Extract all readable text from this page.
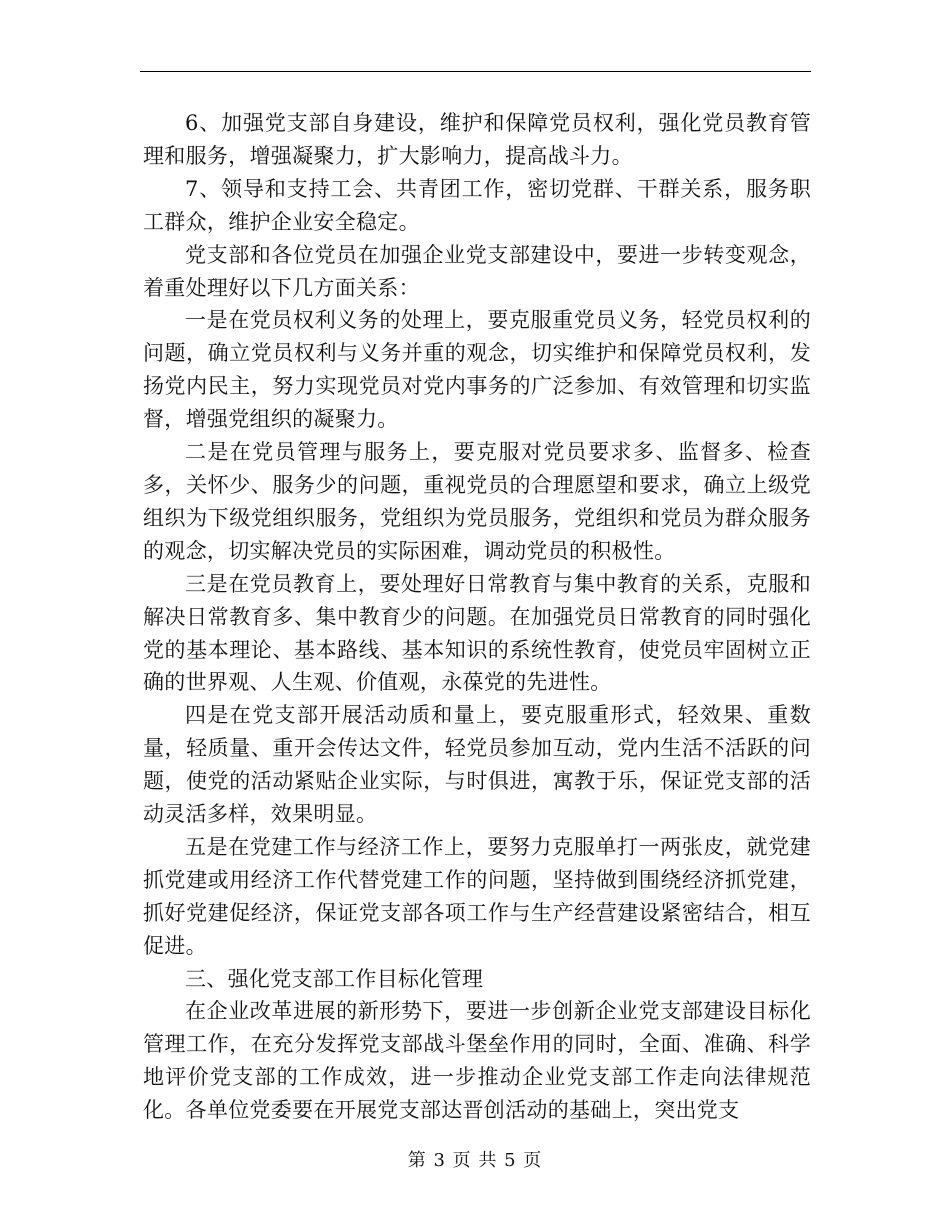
6、加强党支部自身建设，维护和保障党员权利，强化党员教育管理和服务，增强凝聚力，扩大影响力，提高战斗力。

7、领导和支持工会、共青团工作，密切党群、干群关系，服务职工群众，维护企业安全稳定。

党支部和各位党员在加强企业党支部建设中，要进一步转变观念，着重处理好以下几方面关系：

一是在党员权利义务的处理上，要克服重党员义务，轻党员权利的问题，确立党员权利与义务并重的观念，切实维护和保障党员权利，发扬党内民主，努力实现党员对党内事务的广泛参加、有效管理和切实监督，增强党组织的凝聚力。

二是在党员管理与服务上，要克服对党员要求多、监督多、检查多，关怀少、服务少的问题，重视党员的合理愿望和要求，确立上级党组织为下级党组织服务，党组织为党员服务，党组织和党员为群众服务的观念，切实解决党员的实际困难，调动党员的积极性。

三是在党员教育上，要处理好日常教育与集中教育的关系，克服和解决日常教育多、集中教育少的问题。在加强党员日常教育的同时强化党的基本理论、基本路线、基本知识的系统性教育，使党员牢固树立正确的世界观、人生观、价值观，永葆党的先进性。

四是在党支部开展活动质和量上，要克服重形式，轻效果、重数量，轻质量、重开会传达文件，轻党员参加互动，党内生活不活跃的问题，使党的活动紧贴企业实际，与时俱进，寓教于乐，保证党支部的活动灵活多样，效果明显。

五是在党建工作与经济工作上，要努力克服单打一两张皮，就党建抓党建或用经济工作代替党建工作的问题，坚持做到围绕经济抓党建，抓好党建促经济，保证党支部各项工作与生产经营建设紧密结合，相互促进。

三、强化党支部工作目标化管理

在企业改革进展的新形势下，要进一步创新企业党支部建设目标化管理工作，在充分发挥党支部战斗堡垒作用的同时，全面、准确、科学地评价党支部的工作成效，进一步推动企业党支部工作走向法律规范化。各单位党委要在开展党支部达晋创活动的基础上，突出党支

第 3 页 共 5 页
